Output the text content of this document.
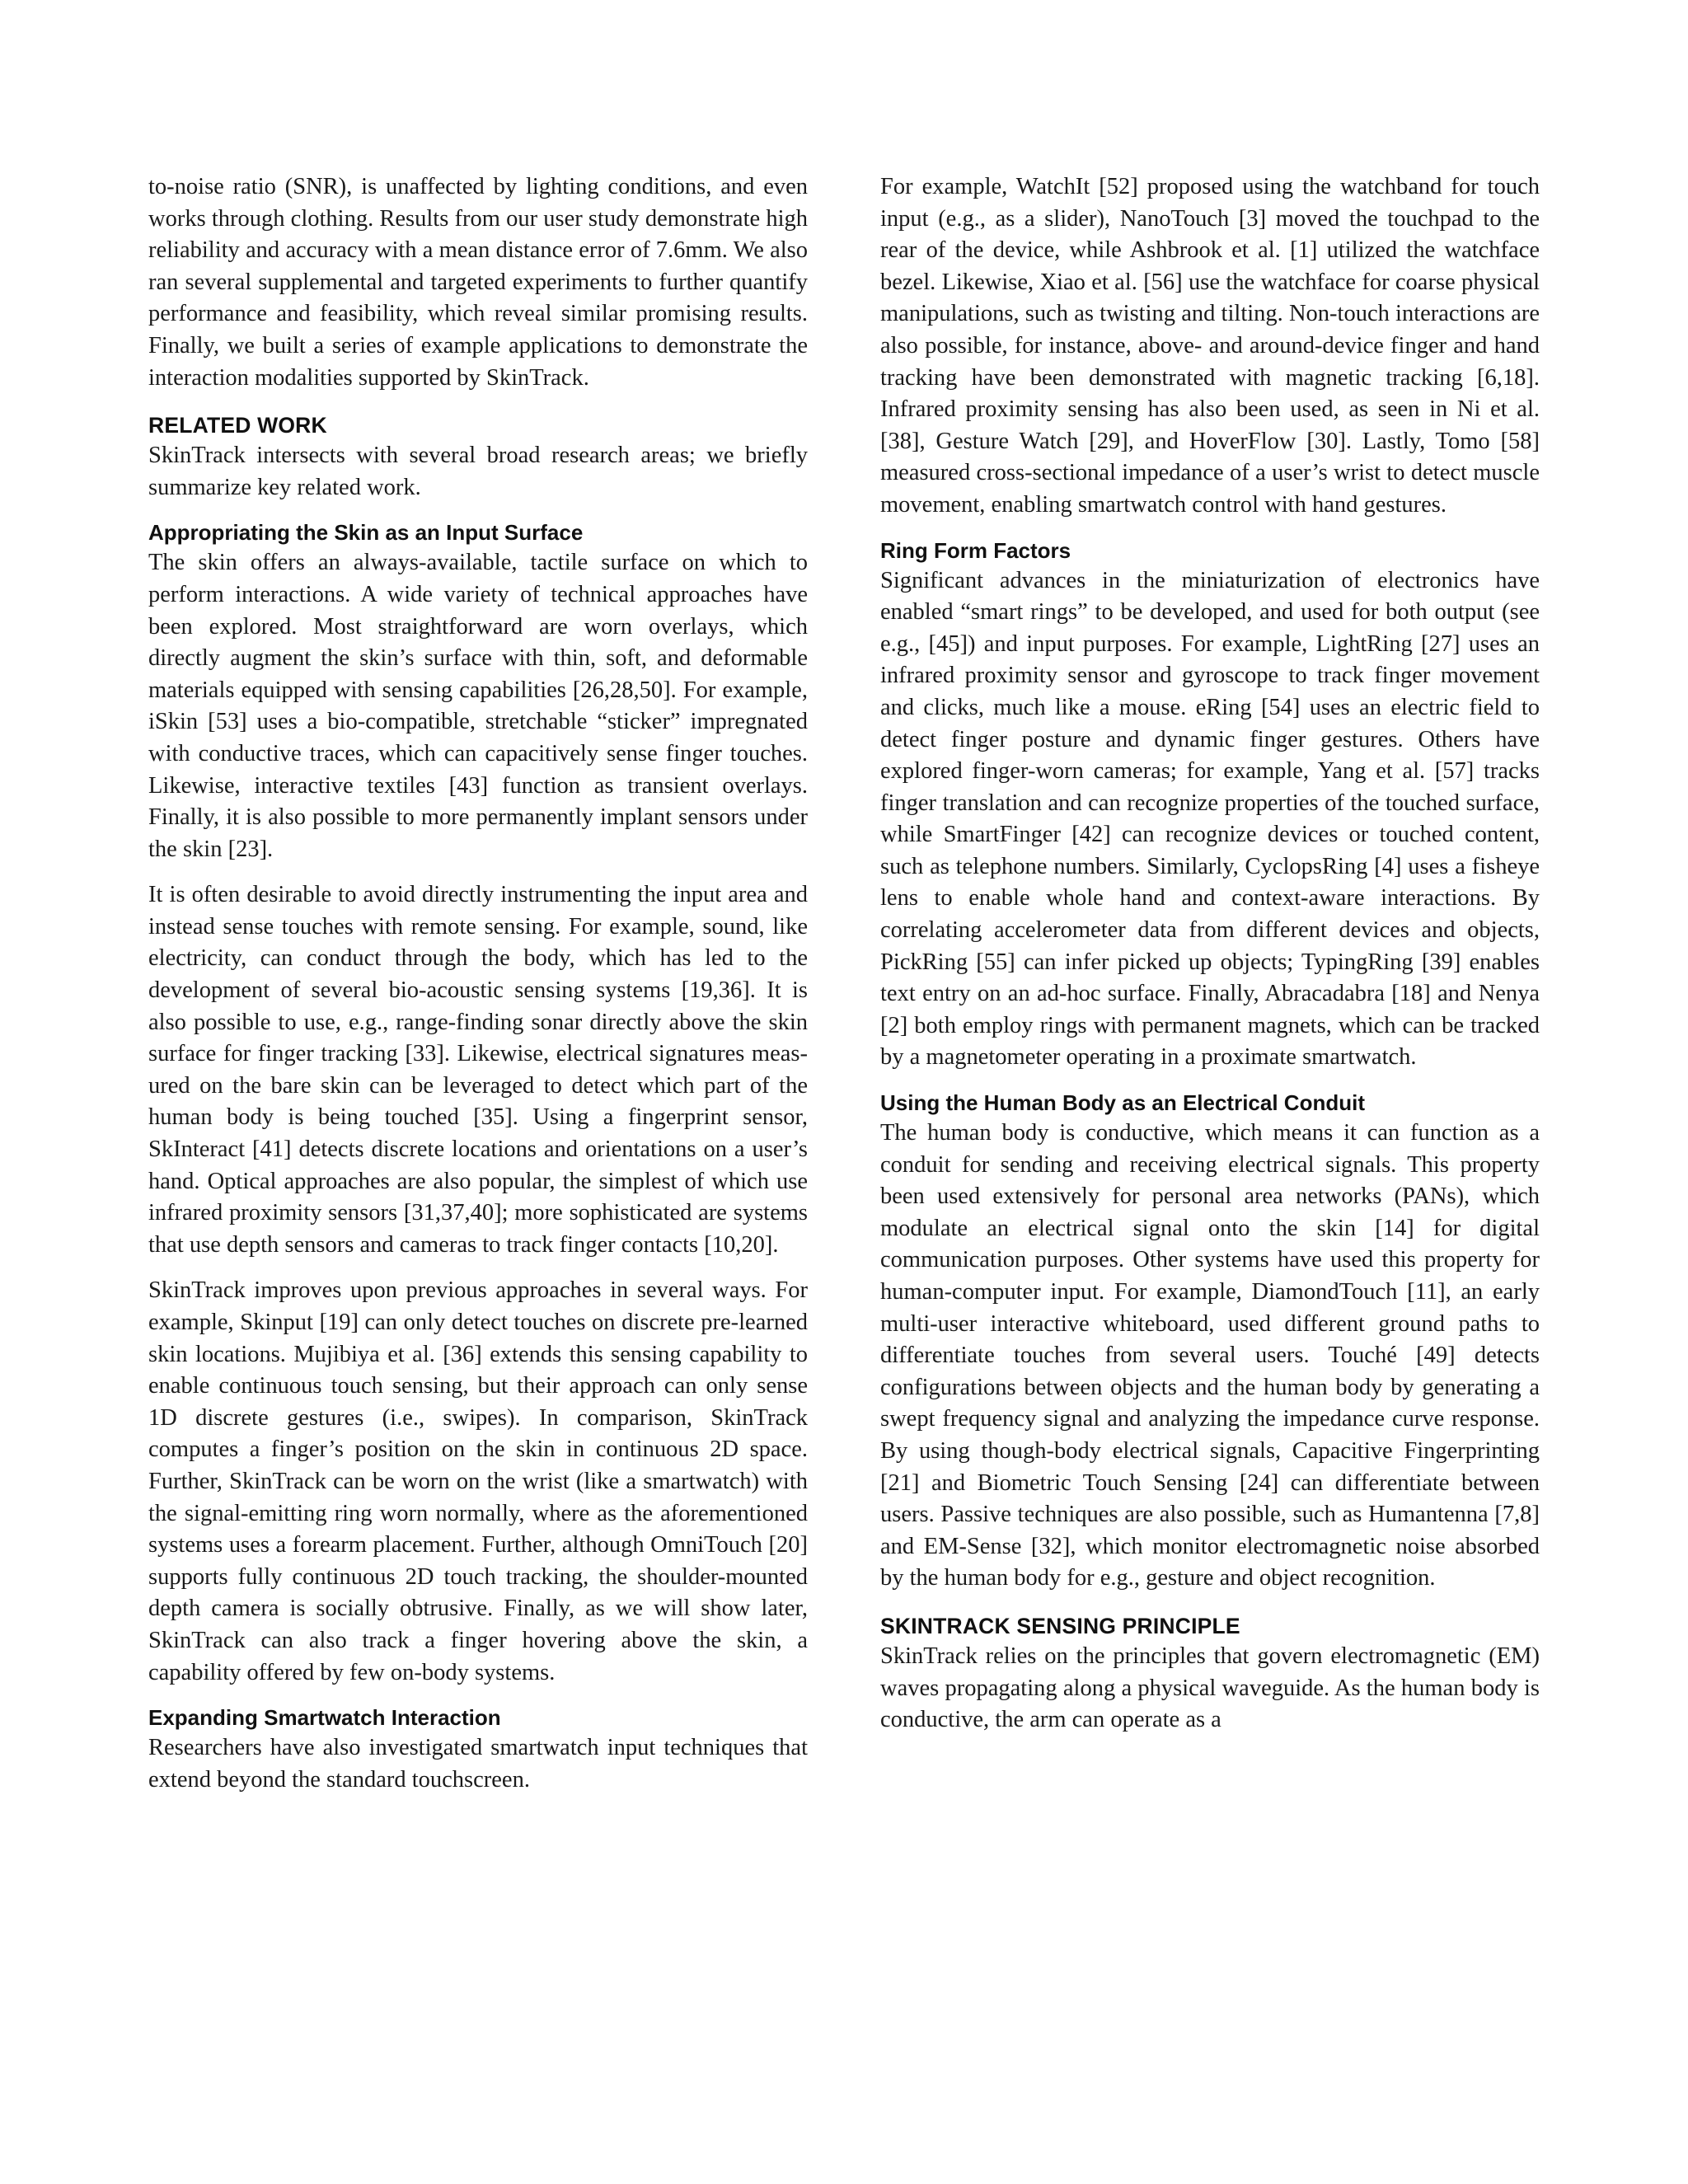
to-noise ratio (SNR), is unaffected by lighting conditions, and even works through clothing. Results from our user study demonstrate high reliability and accuracy with a mean distance error of 7.6mm. We also ran several supplemental and targeted experiments to further quantify performance and feasibility, which reveal similar promising results. Finally, we built a series of example applications to demonstrate the interaction modalities supported by SkinTrack.

RELATED WORK

SkinTrack intersects with several broad research areas; we briefly summarize key related work.

Appropriating the Skin as an Input Surface

The skin offers an always-available, tactile surface on which to perform interactions. A wide variety of technical approaches have been explored. Most straightforward are worn overlays, which directly augment the skin’s surface with thin, soft, and deformable materials equipped with sensing capabilities [26,28,50]. For example, iSkin [53] uses a bio-compatible, stretchable “sticker” impregnated with conductive traces, which can capacitively sense finger touches. Likewise, interactive textiles [43] function as transient overlays. Finally, it is also possible to more permanently implant sensors under the skin [23].

It is often desirable to avoid directly instrumenting the input area and instead sense touches with remote sensing. For example, sound, like electricity, can conduct through the body, which has led to the development of several bio-acoustic sensing systems [19,36]. It is also possible to use, e.g., range-finding sonar directly above the skin surface for finger tracking [33]. Likewise, electrical signatures measured on the bare skin can be leveraged to detect which part of the human body is being touched [35]. Using a fingerprint sensor, SkInteract [41] detects discrete locations and orientations on a user’s hand. Optical approaches are also popular, the simplest of which use infrared proximity sensors [31,37,40]; more sophisticated are systems that use depth sensors and cameras to track finger contacts [10,20].

SkinTrack improves upon previous approaches in several ways. For example, Skinput [19] can only detect touches on discrete pre-learned skin locations. Mujibiya et al. [36] extends this sensing capability to enable continuous touch sensing, but their approach can only sense 1D discrete gestures (i.e., swipes). In comparison, SkinTrack computes a finger’s position on the skin in continuous 2D space. Further, SkinTrack can be worn on the wrist (like a smartwatch) with the signal-emitting ring worn normally, where as the aforementioned systems uses a forearm placement. Further, although OmniTouch [20] supports fully continuous 2D touch tracking, the shoulder-mounted depth camera is socially obtrusive. Finally, as we will show later, SkinTrack can also track a finger hovering above the skin, a capability offered by few on-body systems.

Expanding Smartwatch Interaction

Researchers have also investigated smartwatch input techniques that extend beyond the standard touchscreen.

For example, WatchIt [52] proposed using the watchband for touch input (e.g., as a slider), NanoTouch [3] moved the touchpad to the rear of the device, while Ashbrook et al. [1] utilized the watchface bezel. Likewise, Xiao et al. [56] use the watchface for coarse physical manipulations, such as twisting and tilting. Non-touch interactions are also possible, for instance, above- and around-device finger and hand tracking have been demonstrated with magnetic tracking [6,18]. Infrared proximity sensing has also been used, as seen in Ni et al. [38], Gesture Watch [29], and HoverFlow [30]. Lastly, Tomo [58] measured cross-sectional impedance of a user’s wrist to detect muscle movement, enabling smartwatch control with hand gestures.

Ring Form Factors

Significant advances in the miniaturization of electronics have enabled “smart rings” to be developed, and used for both output (see e.g., [45]) and input purposes. For example, LightRing [27] uses an infrared proximity sensor and gyroscope to track finger movement and clicks, much like a mouse. eRing [54] uses an electric field to detect finger posture and dynamic finger gestures. Others have explored finger-worn cameras; for example, Yang et al. [57] tracks finger translation and can recognize properties of the touched surface, while SmartFinger [42] can recognize devices or touched content, such as telephone numbers. Similarly, CyclopsRing [4] uses a fisheye lens to enable whole hand and context-aware interactions. By correlating accelerometer data from different devices and objects, PickRing [55] can infer picked up objects; TypingRing [39] enables text entry on an ad-hoc surface. Finally, Abracadabra [18] and Nenya [2] both employ rings with permanent magnets, which can be tracked by a magnetometer operating in a proximate smartwatch.

Using the Human Body as an Electrical Conduit

The human body is conductive, which means it can function as a conduit for sending and receiving electrical signals. This property been used extensively for personal area networks (PANs), which modulate an electrical signal onto the skin [14] for digital communication purposes. Other systems have used this property for human-computer input. For example, DiamondTouch [11], an early multi-user interactive whiteboard, used different ground paths to differentiate touches from several users. Touché [49] detects configurations between objects and the human body by generating a swept frequency signal and analyzing the impedance curve response. By using though-body electrical signals, Capacitive Fingerprinting [21] and Biometric Touch Sensing [24] can differentiate between users. Passive techniques are also possible, such as Humantenna [7,8] and EM-Sense [32], which monitor electromagnetic noise absorbed by the human body for e.g., gesture and object recognition.

SKINTRACK SENSING PRINCIPLE

SkinTrack relies on the principles that govern electromagnetic (EM) waves propagating along a physical waveguide. As the human body is conductive, the arm can operate as a
